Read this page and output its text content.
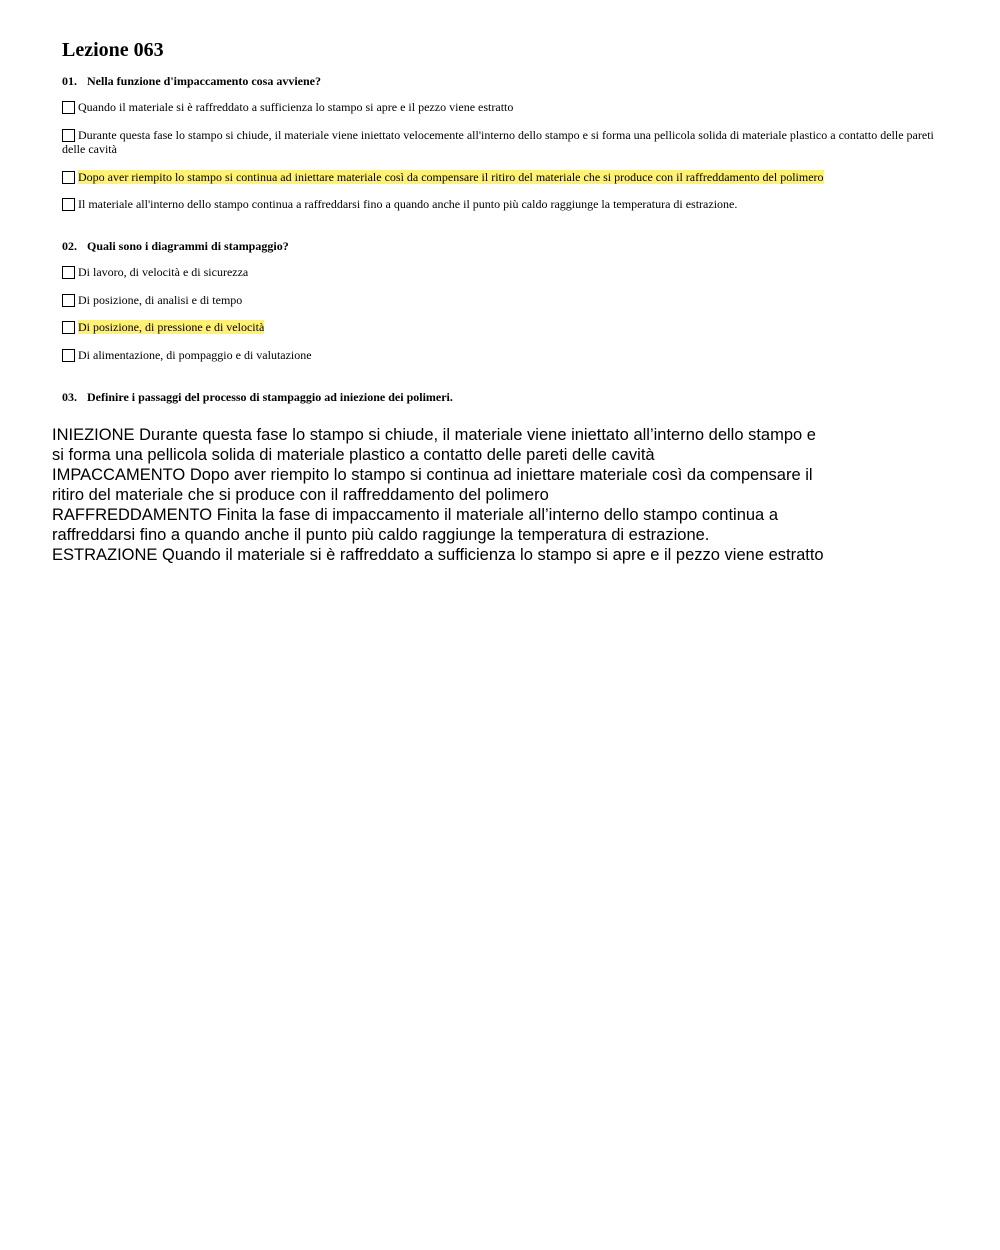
Lezione 063
01. Nella funzione d'impaccamento cosa avviene?
Quando il materiale si è raffreddato a sufficienza lo stampo si apre e il pezzo viene estratto
Durante questa fase lo stampo si chiude, il materiale viene iniettato velocemente all'interno dello stampo e si forma una pellicola solida di materiale plastico a contatto delle pareti delle cavità
Dopo aver riempito lo stampo si continua ad iniettare materiale così da compensare il ritiro del materiale che si produce con il raffreddamento del polimero
Il materiale all'interno dello stampo continua a raffreddarsi fino a quando anche il punto più caldo raggiunge la temperatura di estrazione.
02. Quali sono i diagrammi di stampaggio?
Di lavoro, di velocità e di sicurezza
Di posizione, di analisi e di tempo
Di posizione, di pressione e di velocità
Di alimentazione, di pompaggio e di valutazione
03. Definire i passaggi del processo di stampaggio ad iniezione dei polimeri.
INIEZIONE Durante questa fase lo stampo si chiude, il materiale viene iniettato all’interno dello stampo e
si forma una pellicola solida di materiale plastico a contatto delle pareti delle cavità
IMPACCAMENTO Dopo aver riempito lo stampo si continua ad iniettare materiale così da compensare il
ritiro del materiale che si produce con il raffreddamento del polimero
RAFFREDDAMENTO Finita la fase di impaccamento il materiale all’interno dello stampo continua a
raffreddarsi fino a quando anche il punto più caldo raggiunge la temperatura di estrazione.
ESTRAZIONE Quando il materiale si è raffreddato a sufficienza lo stampo si apre e il pezzo viene estratto
